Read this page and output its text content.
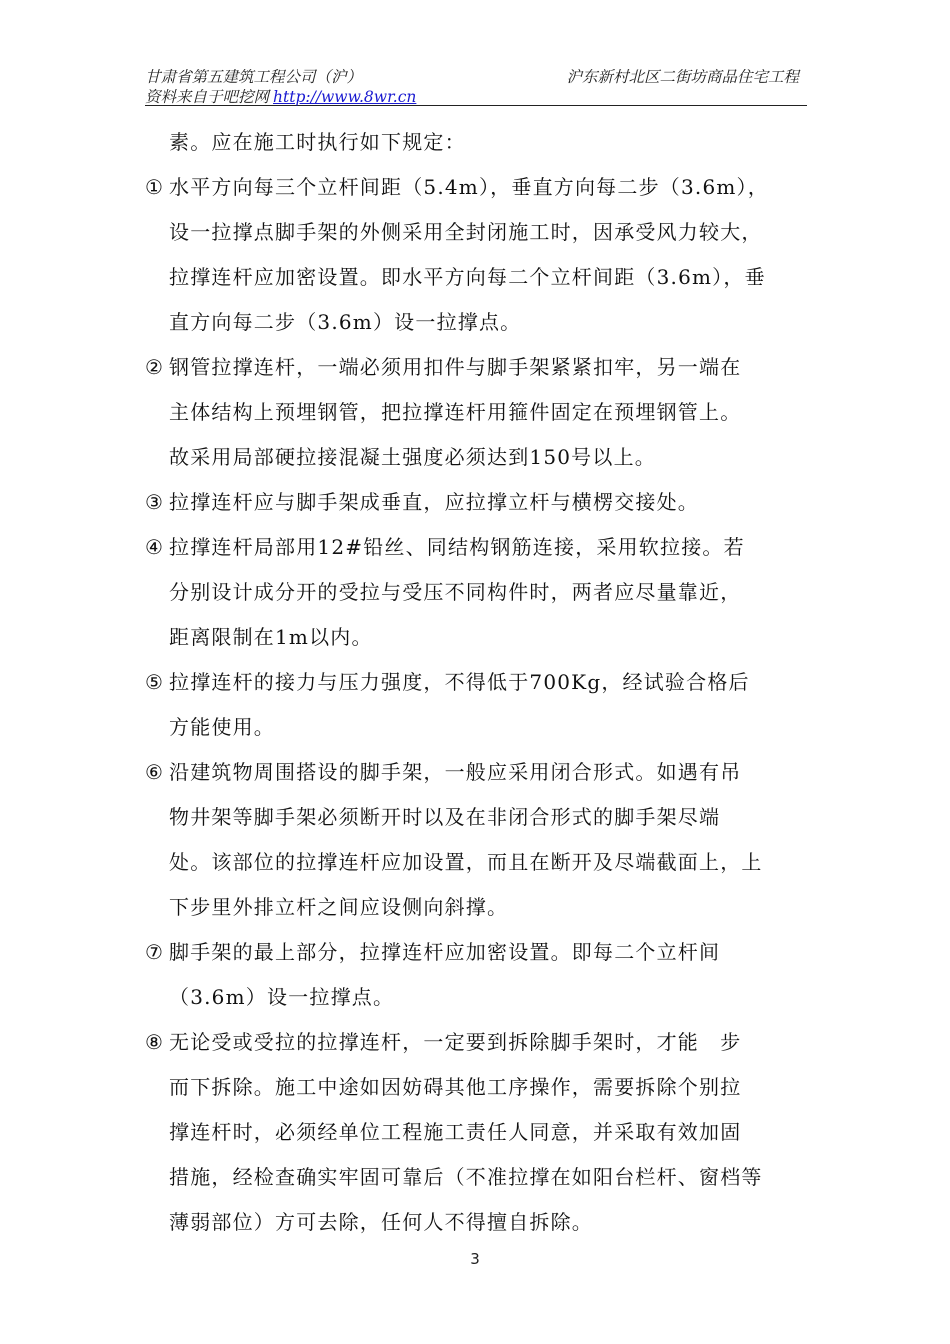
甘肃省第五建筑工程公司（沪）
资料来自于吧挖网 http://www.8wr.cn
沪东新村北区二街坊商品住宅工程
素。应在施工时执行如下规定：
① 水平方向每三个立杆间距（5.4m），垂直方向每二步（3.6m），
设一拉撑点脚手架的外侧采用全封闭施工时，因承受风力较大，
拉撑连杆应加密设置。即水平方向每二个立杆间距（3.6m），垂
直方向每二步（3.6m）设一拉撑点。
② 钢管拉撑连杆，一端必须用扣件与脚手架紧紧扣牢，另一端在
主体结构上预埋钢管，把拉撑连杆用箍件固定在预埋钢管上。
故采用局部硬拉接混凝土强度必须达到150号以上。
③ 拉撑连杆应与脚手架成垂直，应拉撑立杆与横楞交接处。
④ 拉撑连杆局部用12#铅丝、同结构钢筋连接，采用软拉接。若
分别设计成分开的受拉与受压不同构件时，两者应尽量靠近，
距离限制在1m以内。
⑤ 拉撑连杆的接力与压力强度，不得低于700Kg，经试验合格后
方能使用。
⑥ 沿建筑物周围搭设的脚手架，一般应采用闭合形式。如遇有吊
物井架等脚手架必须断开时以及在非闭合形式的脚手架尽端
处。该部位的拉撑连杆应加设置，而且在断开及尽端截面上，上
下步里外排立杆之间应设侧向斜撑。
⑦ 脚手架的最上部分，拉撑连杆应加密设置。即每二个立杆间
（3.6m）设一拉撑点。
⑧ 无论受或受拉的拉撑连杆，一定要到拆除脚手架时，才能　步
而下拆除。施工中途如因妨碍其他工序操作，需要拆除个别拉
撑连杆时，必须经单位工程施工责任人同意，并采取有效加固
措施，经检查确实牢固可靠后（不准拉撑在如阳台栏杆、窗档等
薄弱部位）方可去除，任何人不得擅自拆除。
3
